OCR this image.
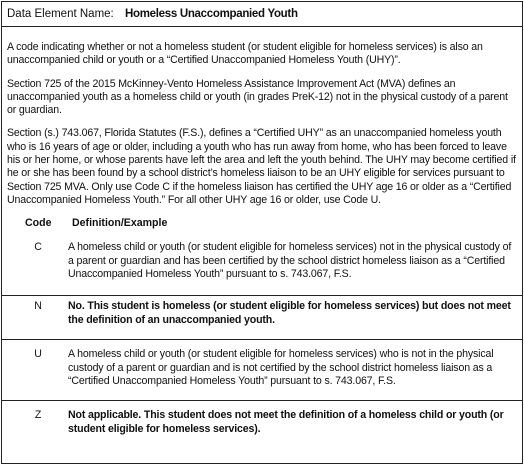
Data Element Name: Homeless Unaccompanied Youth

A code indicating whether or not a homeless student (or student eligible for homeless services) is also an unaccompanied child or youth or a “Certified Unaccompanied Homeless Youth (UHY)”.

Section 725 of the 2015 McKinney-Vento Homeless Assistance Improvement Act (MVA) defines an unaccompanied youth as a homeless child or youth (in grades PreK-12) not in the physical custody of a parent or guardian.

Section (s.) 743.067, Florida Statutes (F.S.), defines a “Certified UHY” as an unaccompanied homeless youth who is 16 years of age or older, including a youth who has run away from home, who has been forced to leave his or her home, or whose parents have left the area and left the youth behind. The UHY may become certified if he or she has been found by a school district’s homeless liaison to be an UHY eligible for services pursuant to Section 725 MVA. Only use Code C if the homeless liaison has certified the UHY age 16 or older as a “Certified Unaccompanied Homeless Youth.” For all other UHY age 16 or older, use Code U.

Code	Definition/Example
C	A homeless child or youth (or student eligible for homeless services) not in the physical custody of a parent or guardian and has been certified by the school district homeless liaison as a “Certified Unaccompanied Homeless Youth” pursuant to s. 743.067, F.S.
N	No. This student is homeless (or student eligible for homeless services) but does not meet the definition of an unaccompanied youth.
U	A homeless child or youth (or student eligible for homeless services) who is not in the physical custody of a parent or guardian and is not certified by the school district homeless liaison as a “Certified Unaccompanied Homeless Youth” pursuant to s. 743.067, F.S.
Z	Not applicable. This student does not meet the definition of a homeless child or youth (or student eligible for homeless services).
